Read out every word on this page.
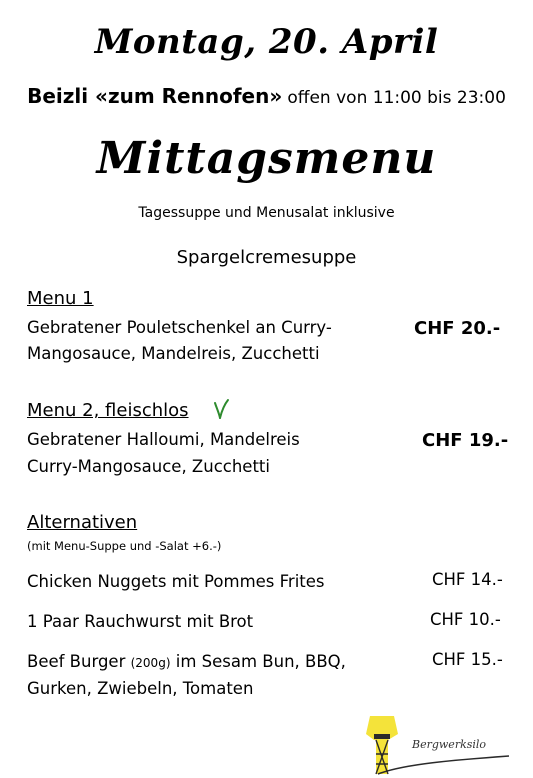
Montag, 20. April
Beizli «zum Rennofen» offen von 11:00 bis 23:00
Mittagsmenu
Tagessuppe und Menusalat inklusive
Spargelcremesuppe
Menu 1
Gebratener Pouletschenkel an Curry-
Mangosauce, Mandelreis, Zucchetti
CHF 20.-
Menu 2, fleischlos
Gebratener Halloumi, Mandelreis
Curry-Mangosauce, Zucchetti
CHF 19.-
Alternativen
(mit Menu-Suppe und -Salat +6.-)
Chicken Nuggets mit Pommes Frites	CHF 14.-
1 Paar Rauchwurst mit Brot	CHF 10.-
Beef Burger (200g) im Sesam Bun, BBQ,
Gurken, Zwiebeln, Tomaten
CHF 15.-
Bergwerksilo
